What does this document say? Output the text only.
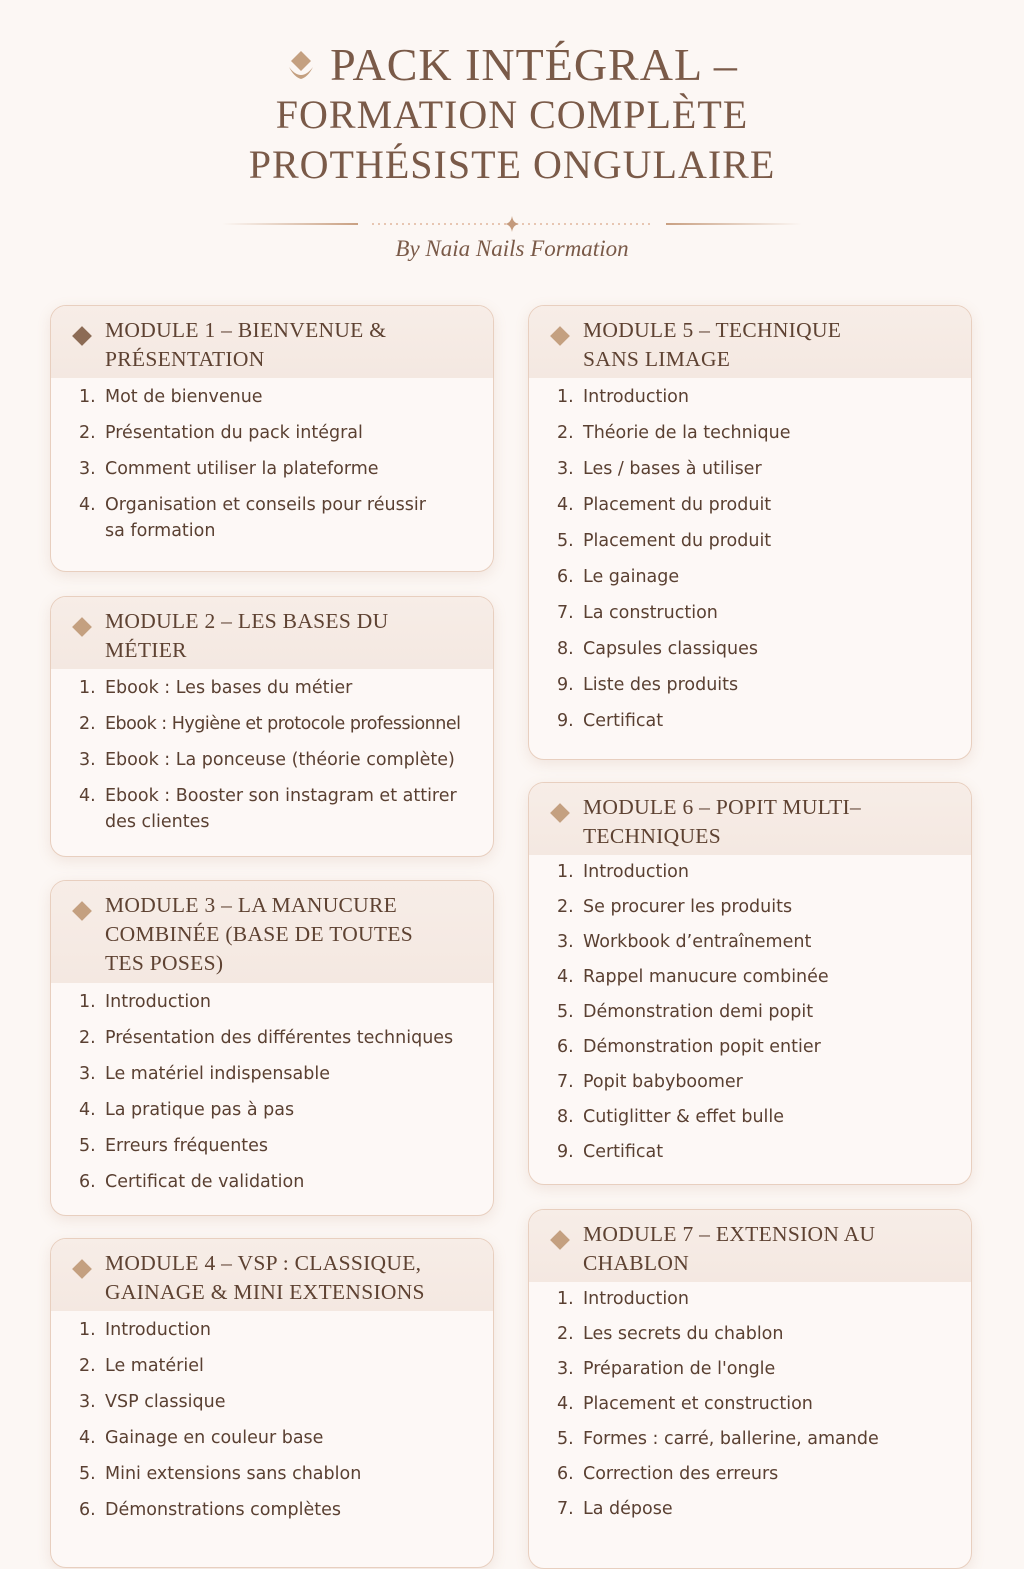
PACK INTÉGRAL –
FORMATION COMPLÈTE
PROTHÉSISTE ONGULAIRE
By Naia Nails Formation
MODULE 1 – BIENVENUE & PRÉSENTATION
1. Mot de bienvenue
2. Présentation du pack intégral
3. Comment utiliser la plateforme
4. Organisation et conseils pour réussir sa formation
MODULE 2 – LES BASES DU MÉTIER
1. Ebook : Les bases du métier
2. Ebook : Hygiène et protocole professionnel
3. Ebook : La ponceuse (théorie complète)
4. Ebook : Booster son instagram et attirer des clientes
MODULE 3 – LA MANUCURE COMBINÉE (BASE DE TOUTES TES POSES)
1. Introduction
2. Présentation des différentes techniques
3. Le matériel indispensable
4. La pratique pas à pas
5. Erreurs fréquentes
6. Certificat de validation
MODULE 4 – VSP : CLASSIQUE, GAINAGE & MINI EXTENSIONS
1. Introduction
2. Le matériel
3. VSP classique
4. Gainage en couleur base
5. Mini extensions sans chablon
6. Démonstrations complètes
MODULE 5 – TECHNIQUE SANS LIMAGE
1. Introduction
2. Théorie de la technique
3. Les / bases à utiliser
4. Placement du produit
5. Placement du produit
6. Le gainage
7. La construction
8. Capsules classiques
9. Liste des produits
9. Certificat
MODULE 6 – POPIT MULTI–TECHNIQUES
1. Introduction
2. Se procurer les produits
3. Workbook d’entraînement
4. Rappel manucure combinée
5. Démonstration demi popit
6. Démonstration popit entier
7. Popit babyboomer
8. Cutiglitter & effet bulle
9. Certificat
MODULE 7 – EXTENSION AU CHABLON
1. Introduction
2. Les secrets du chablon
3. Préparation de l'ongle
4. Placement et construction
5. Formes : carré, ballerine, amande
6. Correction des erreurs
7. La dépose
